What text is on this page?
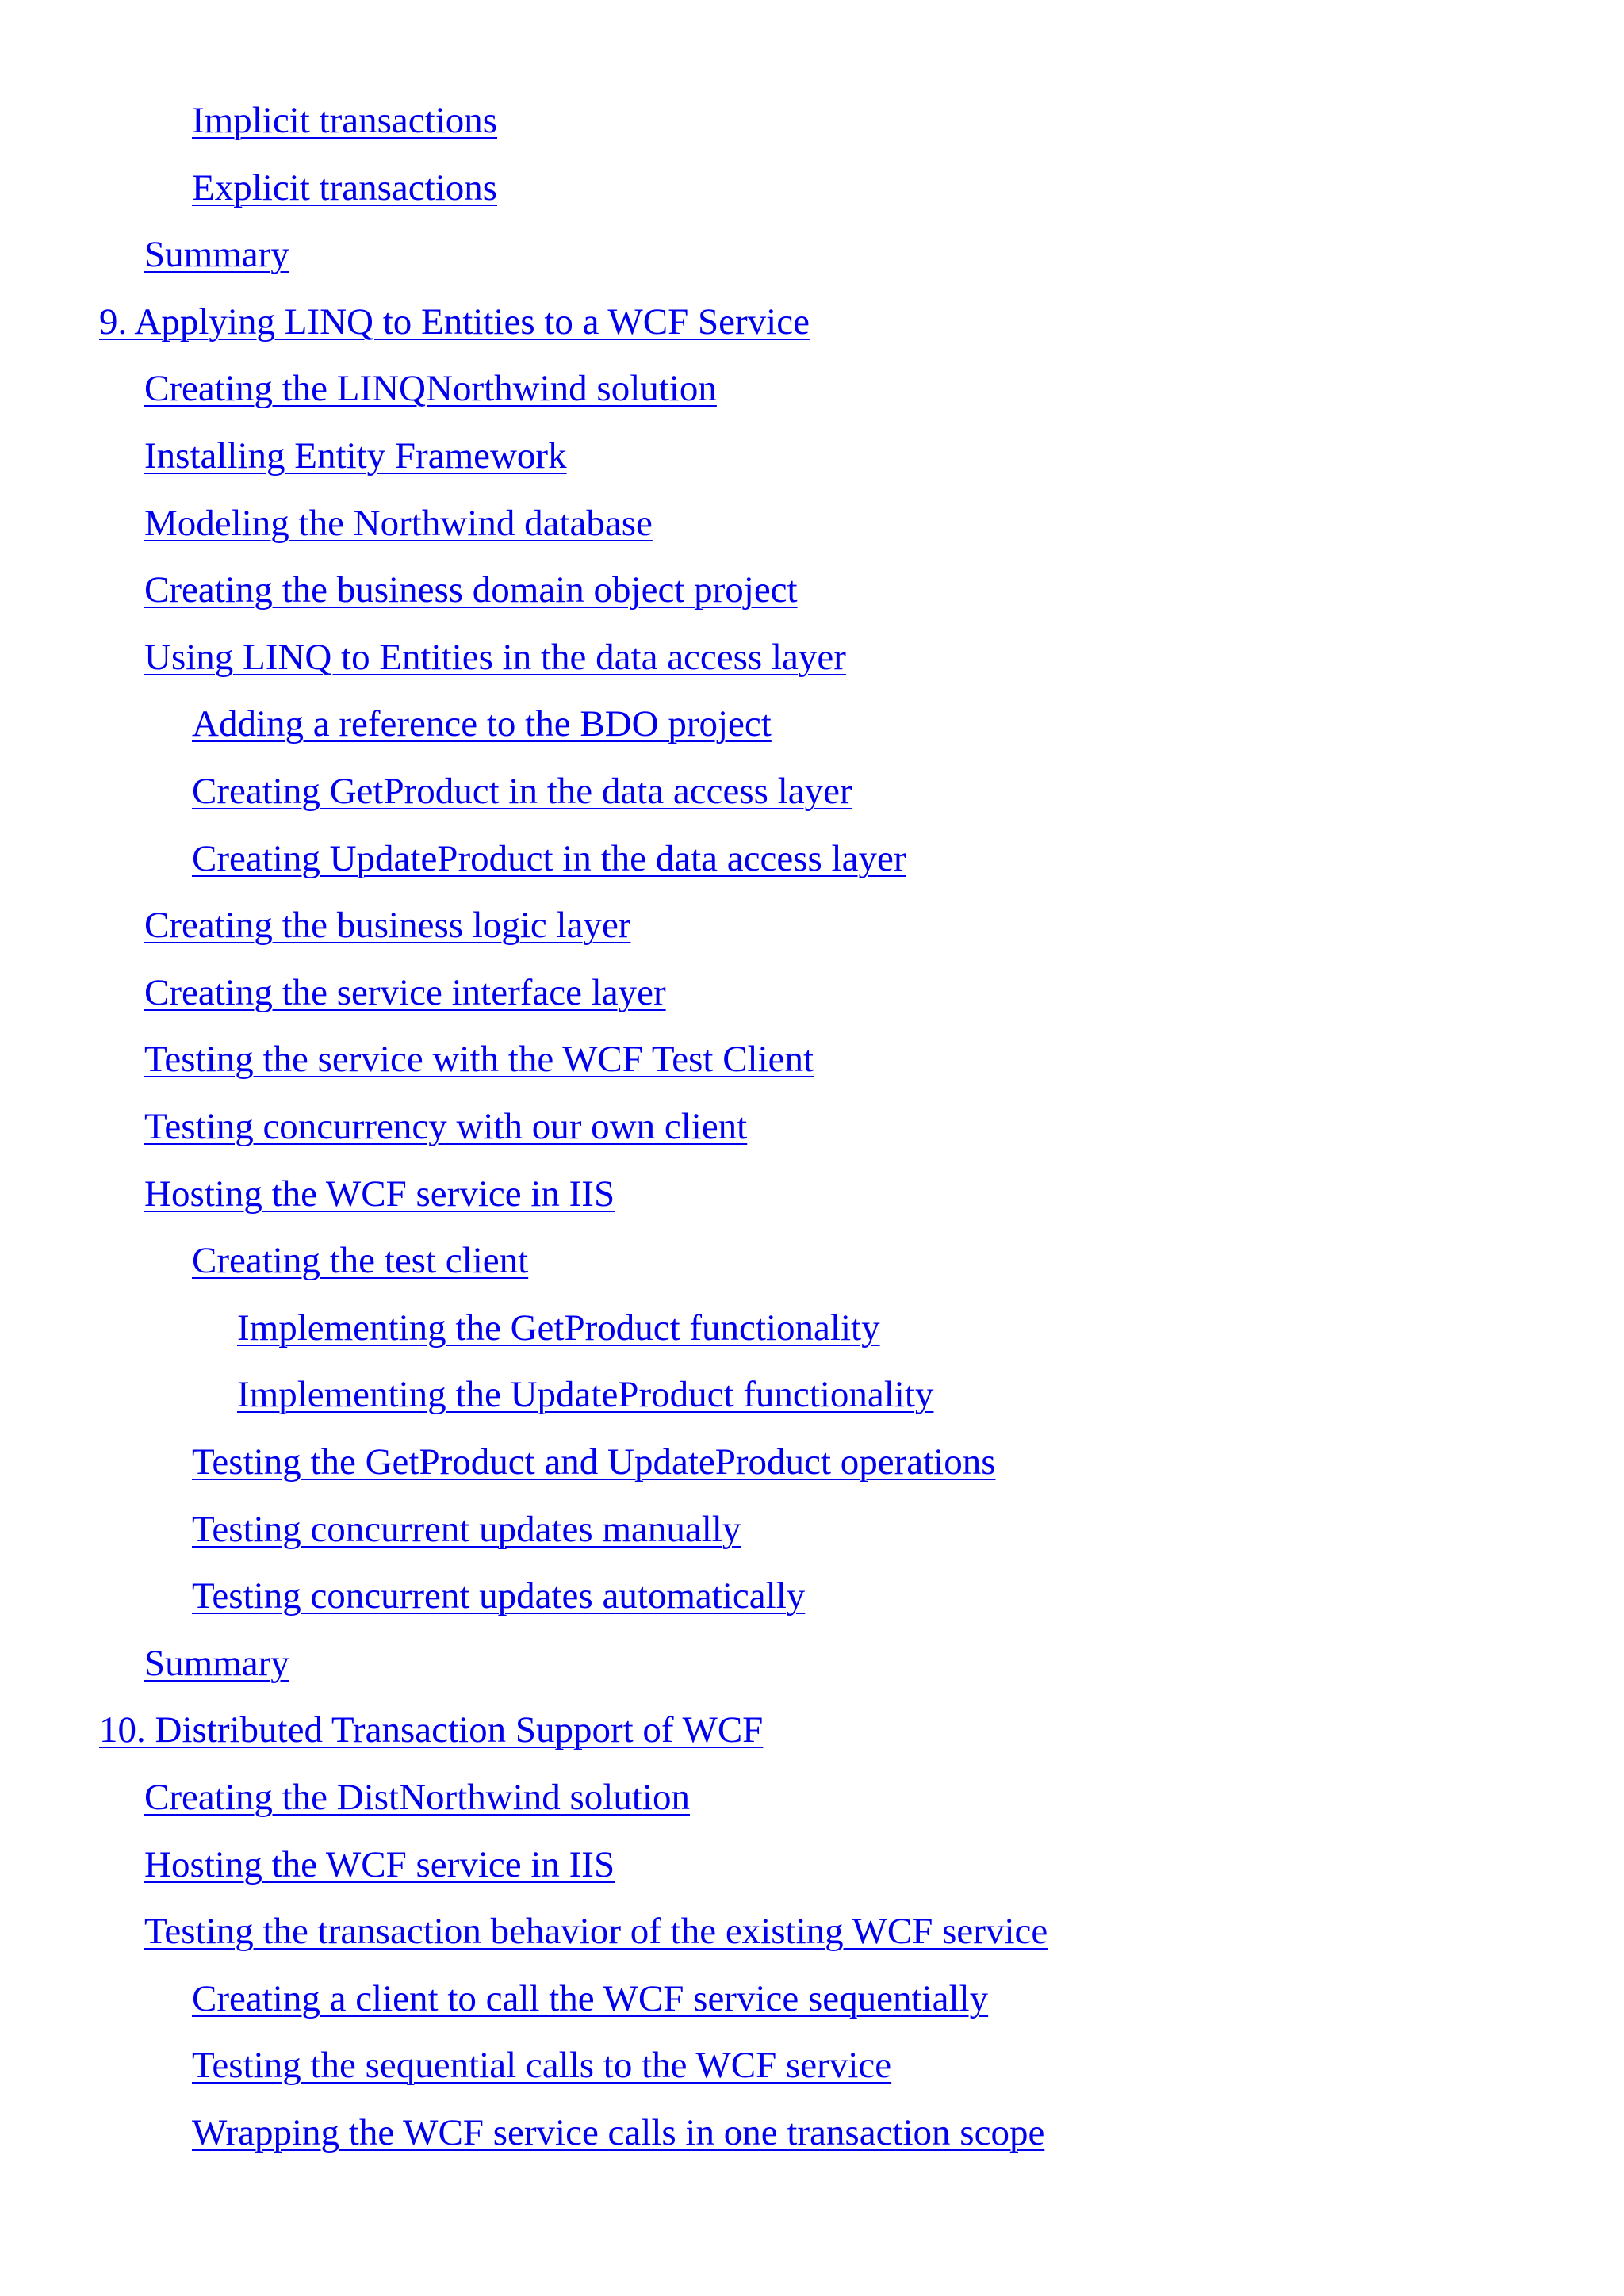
Implicit transactions
Explicit transactions
Summary
9. Applying LINQ to Entities to a WCF Service
Creating the LINQNorthwind solution
Installing Entity Framework
Modeling the Northwind database
Creating the business domain object project
Using LINQ to Entities in the data access layer
Adding a reference to the BDO project
Creating GetProduct in the data access layer
Creating UpdateProduct in the data access layer
Creating the business logic layer
Creating the service interface layer
Testing the service with the WCF Test Client
Testing concurrency with our own client
Hosting the WCF service in IIS
Creating the test client
Implementing the GetProduct functionality
Implementing the UpdateProduct functionality
Testing the GetProduct and UpdateProduct operations
Testing concurrent updates manually
Testing concurrent updates automatically
Summary
10. Distributed Transaction Support of WCF
Creating the DistNorthwind solution
Hosting the WCF service in IIS
Testing the transaction behavior of the existing WCF service
Creating a client to call the WCF service sequentially
Testing the sequential calls to the WCF service
Wrapping the WCF service calls in one transaction scope
